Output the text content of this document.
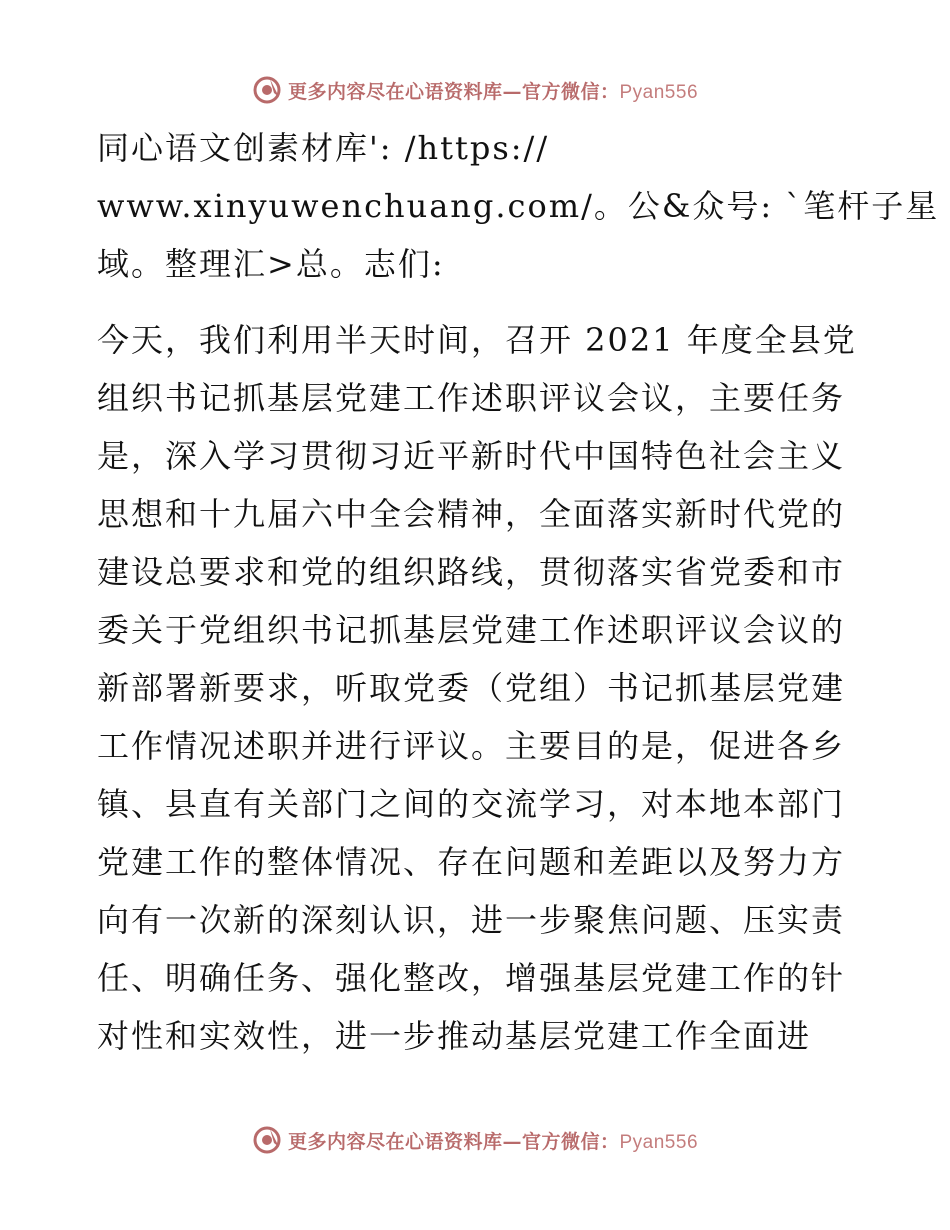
更多内容尽在心语资料库—官方微信：Pyan556
同心语文创素材库': /https://
www.xinyuwenchuang.com/。公&众号: `笔杆子星
域。整理汇>总。志们:
今天，我们利用半天时间，召开 2021 年度全县党
组织书记抓基层党建工作述职评议会议，主要任务
是，深入学习贯彻习近平新时代中国特色社会主义
思想和十九届六中全会精神，全面落实新时代党的
建设总要求和党的组织路线，贯彻落实省党委和市
委关于党组织书记抓基层党建工作述职评议会议的
新部署新要求，听取党委（党组）书记抓基层党建
工作情况述职并进行评议。主要目的是，促进各乡
镇、县直有关部门之间的交流学习，对本地本部门
党建工作的整体情况、存在问题和差距以及努力方
向有一次新的深刻认识，进一步聚焦问题、压实责
任、明确任务、强化整改，增强基层党建工作的针
对性和实效性，进一步推动基层党建工作全面进
更多内容尽在心语资料库—官方微信：Pyan556
